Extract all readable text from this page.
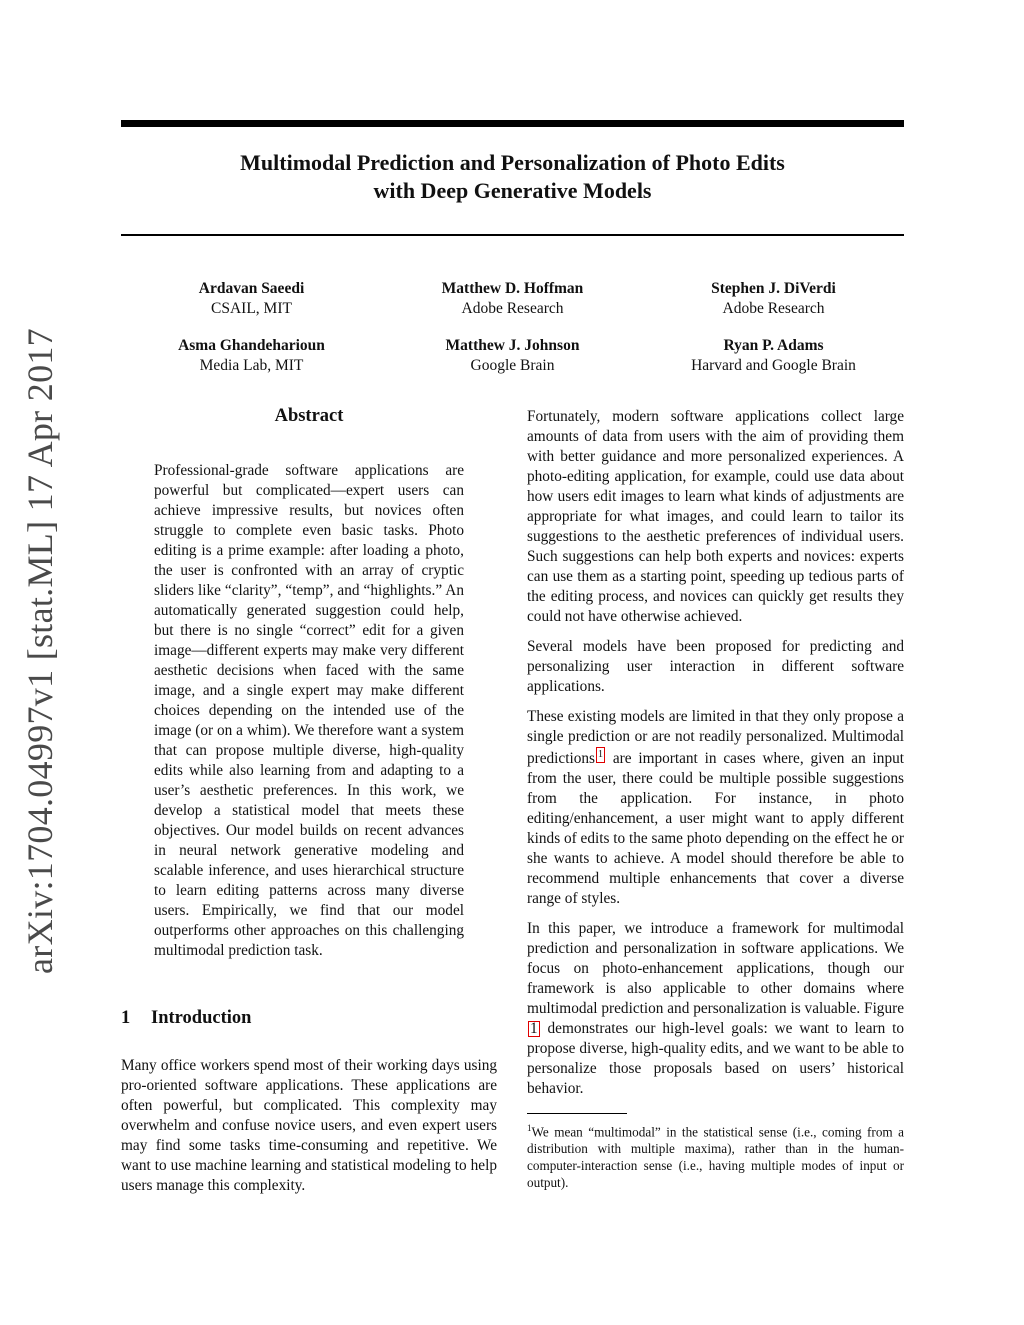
arXiv:1704.04997v1 [stat.ML] 17 Apr 2017
Multimodal Prediction and Personalization of Photo Edits
with Deep Generative Models
Ardavan Saeedi
CSAIL, MIT
Matthew D. Hoffman
Adobe Research
Stephen J. DiVerdi
Adobe Research
Asma Ghandeharioun
Media Lab, MIT
Matthew J. Johnson
Google Brain
Ryan P. Adams
Harvard and Google Brain
Abstract

Professional-grade software applications are powerful but complicated—expert users can achieve impressive results, but novices often struggle to complete even basic tasks. Photo editing is a prime example: after loading a photo, the user is confronted with an array of cryptic sliders like “clarity”, “temp”, and “highlights.” An automatically generated suggestion could help, but there is no single “correct” edit for a given image—different experts may make very different aesthetic decisions when faced with the same image, and a single expert may make different choices depending on the intended use of the image (or on a whim). We therefore want a system that can propose multiple diverse, high-quality edits while also learning from and adapting to a user’s aesthetic preferences. In this work, we develop a statistical model that meets these objectives. Our model builds on recent advances in neural network generative modeling and scalable inference, and uses hierarchical structure to learn editing patterns across many diverse users. Empirically, we find that our model outperforms other approaches on this challenging multimodal prediction task.

1 Introduction

Many office workers spend most of their working days using pro-oriented software applications. These applications are often powerful, but complicated. This complexity may overwhelm and confuse novice users, and even expert users may find some tasks time-consuming and repetitive. We want to use machine learning and statistical modeling to help users manage this complexity.

Fortunately, modern software applications collect large amounts of data from users with the aim of providing them with better guidance and more personalized experiences. A photo-editing application, for example, could use data about how users edit images to learn what kinds of adjustments are appropriate for what images, and could learn to tailor its suggestions to the aesthetic preferences of individual users. Such suggestions can help both experts and novices: experts can use them as a starting point, speeding up tedious parts of the editing process, and novices can quickly get results they could not have otherwise achieved.

Several models have been proposed for predicting and personalizing user interaction in different software applications.

These existing models are limited in that they only propose a single prediction or are not readily personalized. Multimodal predictions 1 are important in cases where, given an input from the user, there could be multiple possible suggestions from the application. For instance, in photo editing/enhancement, a user might want to apply different kinds of edits to the same photo depending on the effect he or she wants to achieve. A model should therefore be able to recommend multiple enhancements that cover a diverse range of styles.

In this paper, we introduce a framework for multimodal prediction and personalization in software applications. We focus on photo-enhancement applications, though our framework is also applicable to other domains where multimodal prediction and personalization is valuable. Figure 1 demonstrates our high-level goals: we want to learn to propose diverse, high-quality edits, and we want to be able to personalize those proposals based on users’ historical behavior.

$^1$We mean “multimodal” in the statistical sense (i.e., coming from a distribution with multiple maxima), rather than in the human-computer-interaction sense (i.e., having multiple modes of input or output).
